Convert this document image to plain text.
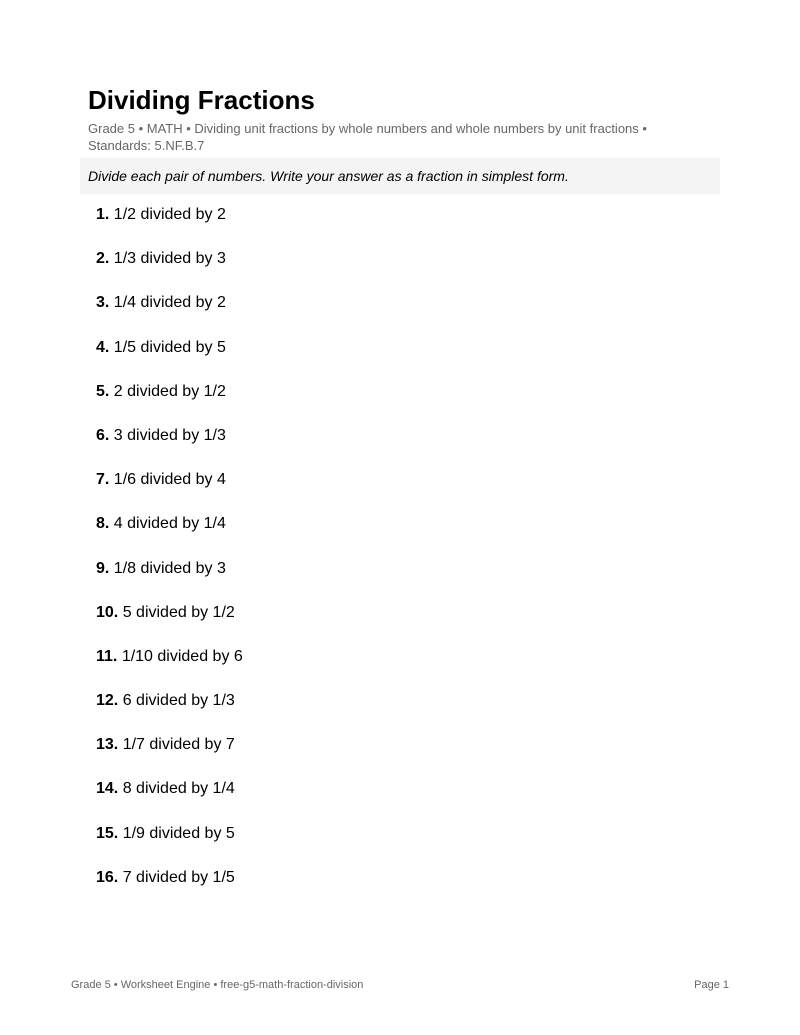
Dividing Fractions
Grade 5 • MATH • Dividing unit fractions by whole numbers and whole numbers by unit fractions • Standards: 5.NF.B.7
Divide each pair of numbers. Write your answer as a fraction in simplest form.
1. 1/2 divided by 2
2. 1/3 divided by 3
3. 1/4 divided by 2
4. 1/5 divided by 5
5. 2 divided by 1/2
6. 3 divided by 1/3
7. 1/6 divided by 4
8. 4 divided by 1/4
9. 1/8 divided by 3
10. 5 divided by 1/2
11. 1/10 divided by 6
12. 6 divided by 1/3
13. 1/7 divided by 7
14. 8 divided by 1/4
15. 1/9 divided by 5
16. 7 divided by 1/5
Grade 5 • Worksheet Engine • free-g5-math-fraction-division	Page 1
